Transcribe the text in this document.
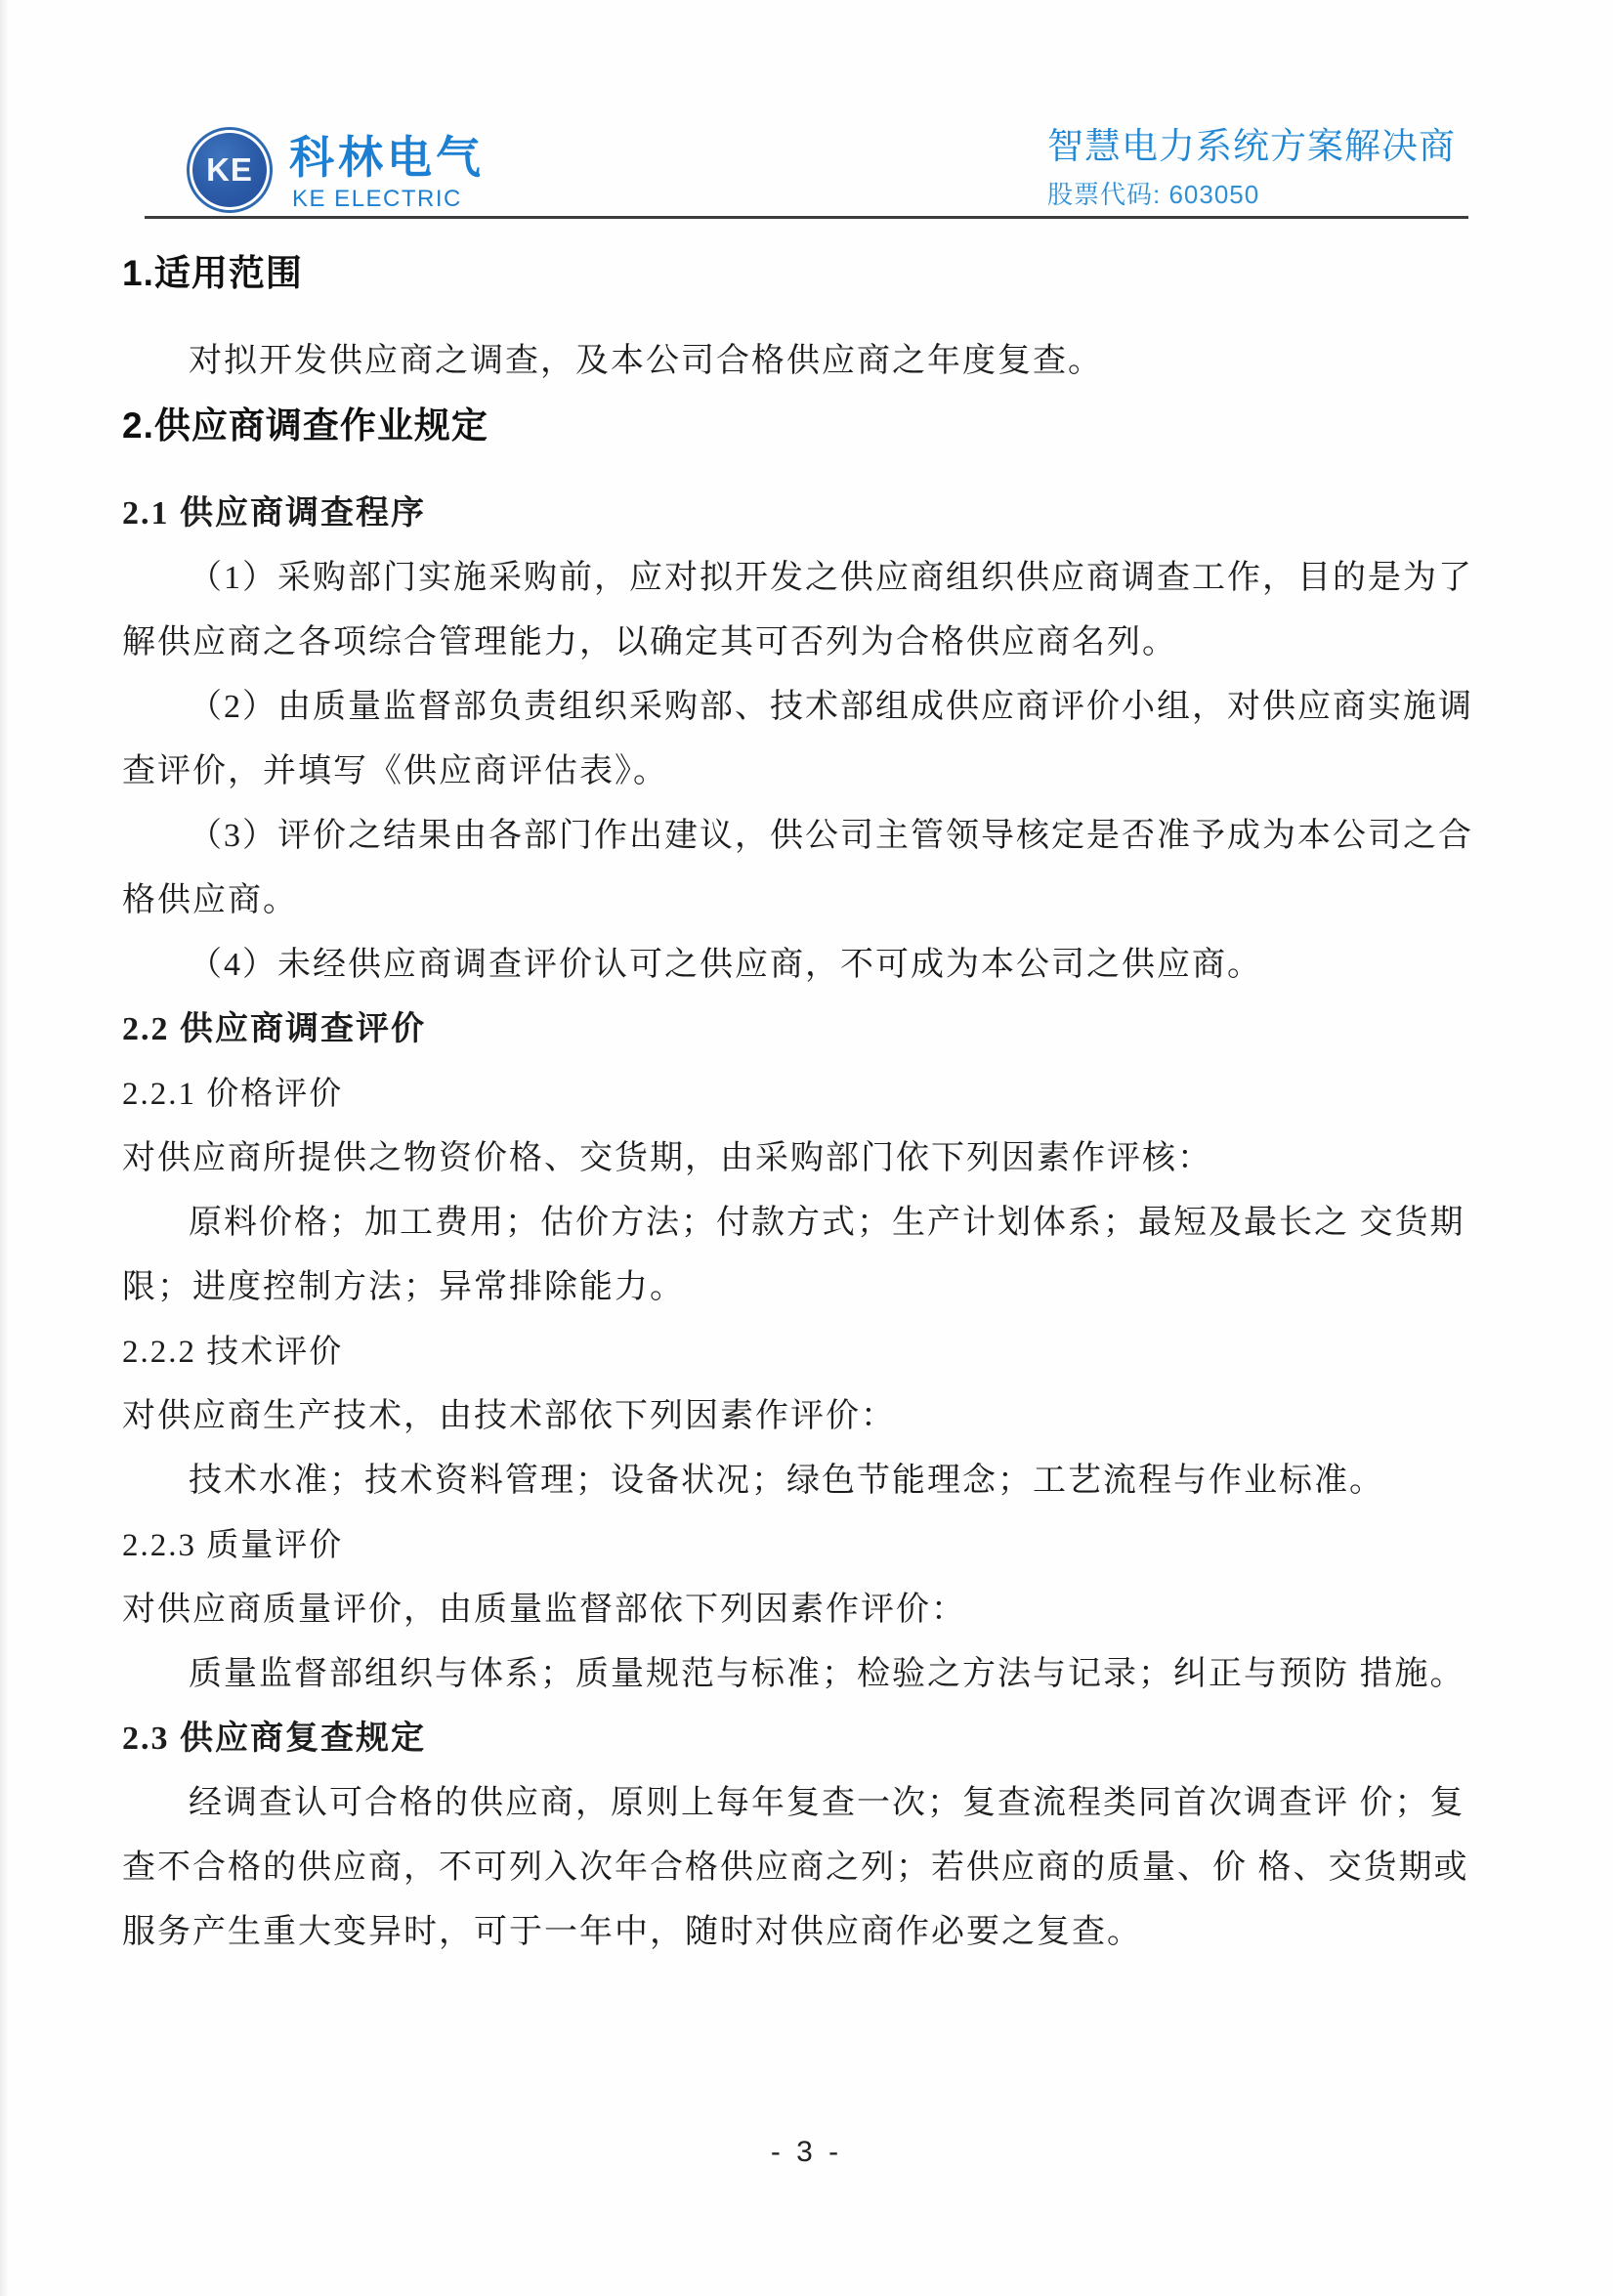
KE 科林电气
KE ELECTRIC
智慧电力系统方案解决商
股票代码: 603050
1.适用范围
对拟开发供应商之调查，及本公司合格供应商之年度复查。
2.供应商调查作业规定
2.1 供应商调查程序
（1）采购部门实施采购前，应对拟开发之供应商组织供应商调查工作，目的是为了
解供应商之各项综合管理能力，以确定其可否列为合格供应商名列。
（2）由质量监督部负责组织采购部、技术部组成供应商评价小组，对供应商实施调
查评价，并填写《供应商评估表》。
（3）评价之结果由各部门作出建议，供公司主管领导核定是否准予成为本公司之合
格供应商。
（4）未经供应商调查评价认可之供应商，不可成为本公司之供应商。
2.2 供应商调查评价
2.2.1 价格评价
对供应商所提供之物资价格、交货期，由采购部门依下列因素作评核：
原料价格；加工费用；估价方法；付款方式；生产计划体系；最短及最长之 交货期
限；进度控制方法；异常排除能力。
2.2.2 技术评价
对供应商生产技术，由技术部依下列因素作评价：
技术水准；技术资料管理；设备状况；绿色节能理念；工艺流程与作业标准。
2.2.3 质量评价
对供应商质量评价，由质量监督部依下列因素作评价：
质量监督部组织与体系；质量规范与标准；检验之方法与记录；纠正与预防 措施。
2.3 供应商复查规定
经调查认可合格的供应商，原则上每年复查一次；复查流程类同首次调查评 价；复
查不合格的供应商，不可列入次年合格供应商之列；若供应商的质量、价 格、交货期或
服务产生重大变异时，可于一年中，随时对供应商作必要之复查。
- 3 -
